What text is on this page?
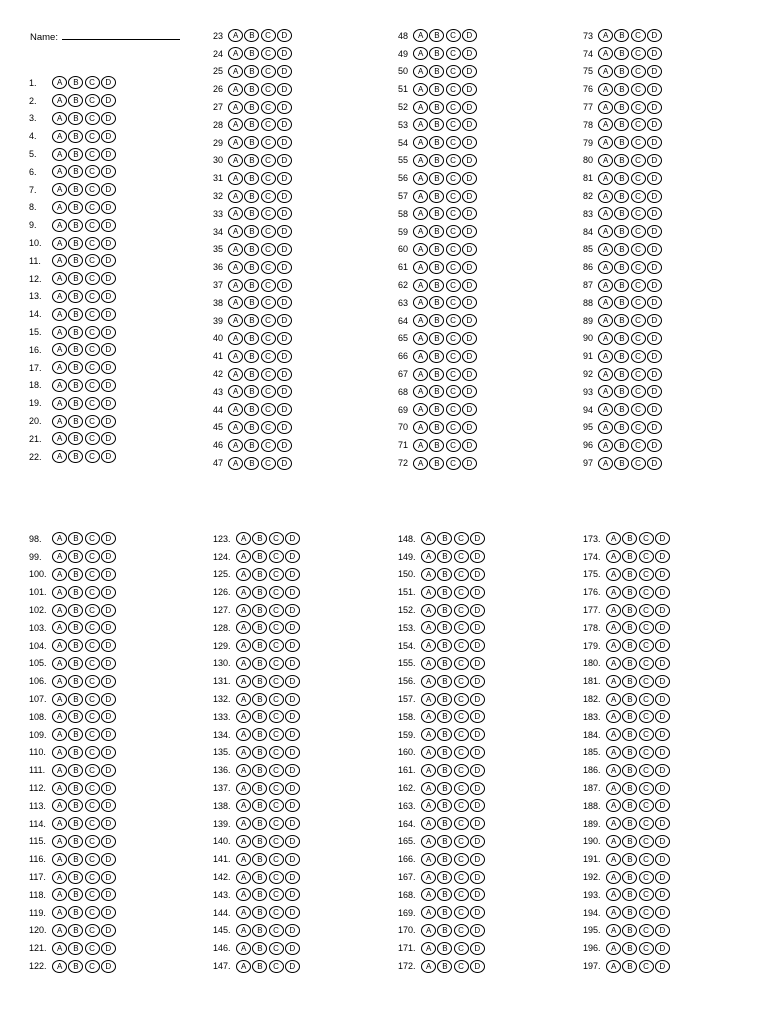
Name:
1.	A	B	C	D
2.	A	B	C	D
3.	A	B	C	D
4.	A	B	C	D
5.	A	B	C	D
6.	A	B	C	D
7.	A	B	C	D
8.	A	B	C	D
9.	A	B	C	D
10.	A	B	C	D
11.	A	B	C	D
12.	A	B	C	D
13.	A	B	C	D
14.	A	B	C	D
15.	A	B	C	D
16.	A	B	C	D
17.	A	B	C	D
18.	A	B	C	D
19.	A	B	C	D
20.	A	B	C	D
21.	A	B	C	D
22.	A	B	C	D
23	A	B	C	D
24	A	B	C	D
25	A	B	C	D
26	A	B	C	D
27	A	B	C	D
28	A	B	C	D
29	A	B	C	D
30	A	B	C	D
31	A	B	C	D
32	A	B	C	D
33	A	B	C	D
34	A	B	C	D
35	A	B	C	D
36	A	B	C	D
37	A	B	C	D
38	A	B	C	D
39	A	B	C	D
40	A	B	C	D
41	A	B	C	D
42	A	B	C	D
43	A	B	C	D
44	A	B	C	D
45	A	B	C	D
46	A	B	C	D
47	A	B	C	D
48	A	B	C	D
49	A	B	C	D
50	A	B	C	D
51	A	B	C	D
52	A	B	C	D
53	A	B	C	D
54	A	B	C	D
55	A	B	C	D
56	A	B	C	D
57	A	B	C	D
58	A	B	C	D
59	A	B	C	D
60	A	B	C	D
61	A	B	C	D
62	A	B	C	D
63	A	B	C	D
64	A	B	C	D
65	A	B	C	D
66	A	B	C	D
67	A	B	C	D
68	A	B	C	D
69	A	B	C	D
70	A	B	C	D
71	A	B	C	D
72	A	B	C	D
73	A	B	C	D
74	A	B	C	D
75	A	B	C	D
76	A	B	C	D
77	A	B	C	D
78	A	B	C	D
79	A	B	C	D
80	A	B	C	D
81	A	B	C	D
82	A	B	C	D
83	A	B	C	D
84	A	B	C	D
85	A	B	C	D
86	A	B	C	D
87	A	B	C	D
88	A	B	C	D
89	A	B	C	D
90	A	B	C	D
91	A	B	C	D
92	A	B	C	D
93	A	B	C	D
94	A	B	C	D
95	A	B	C	D
96	A	B	C	D
97	A	B	C	D
98.	A	B	C	D
99.	A	B	C	D
100.	A	B	C	D
101.	A	B	C	D
102.	A	B	C	D
103.	A	B	C	D
104.	A	B	C	D
105.	A	B	C	D
106.	A	B	C	D
107.	A	B	C	D
108.	A	B	C	D
109.	A	B	C	D
110.	A	B	C	D
111.	A	B	C	D
112.	A	B	C	D
113.	A	B	C	D
114.	A	B	C	D
115.	A	B	C	D
116.	A	B	C	D
117.	A	B	C	D
118.	A	B	C	D
119.	A	B	C	D
120.	A	B	C	D
121.	A	B	C	D
122.	A	B	C	D
123.	A	B	C	D
124.	A	B	C	D
125.	A	B	C	D
126.	A	B	C	D
127.	A	B	C	D
128.	A	B	C	D
129.	A	B	C	D
130.	A	B	C	D
131.	A	B	C	D
132.	A	B	C	D
133.	A	B	C	D
134.	A	B	C	D
135.	A	B	C	D
136.	A	B	C	D
137.	A	B	C	D
138.	A	B	C	D
139.	A	B	C	D
140.	A	B	C	D
141.	A	B	C	D
142.	A	B	C	D
143.	A	B	C	D
144.	A	B	C	D
145.	A	B	C	D
146.	A	B	C	D
147.	A	B	C	D
148.	A	B	C	D
149.	A	B	C	D
150.	A	B	C	D
151.	A	B	C	D
152.	A	B	C	D
153.	A	B	C	D
154.	A	B	C	D
155.	A	B	C	D
156.	A	B	C	D
157.	A	B	C	D
158.	A	B	C	D
159.	A	B	C	D
160.	A	B	C	D
161.	A	B	C	D
162.	A	B	C	D
163.	A	B	C	D
164.	A	B	C	D
165.	A	B	C	D
166.	A	B	C	D
167.	A	B	C	D
168.	A	B	C	D
169.	A	B	C	D
170.	A	B	C	D
171.	A	B	C	D
172.	A	B	C	D
173.	A	B	C	D
174.	A	B	C	D
175.	A	B	C	D
176.	A	B	C	D
177.	A	B	C	D
178.	A	B	C	D
179.	A	B	C	D
180.	A	B	C	D
181.	A	B	C	D
182.	A	B	C	D
183.	A	B	C	D
184.	A	B	C	D
185.	A	B	C	D
186.	A	B	C	D
187.	A	B	C	D
188.	A	B	C	D
189.	A	B	C	D
190.	A	B	C	D
191.	A	B	C	D
192.	A	B	C	D
193.	A	B	C	D
194.	A	B	C	D
195.	A	B	C	D
196.	A	B	C	D
197.	A	B	C	D
